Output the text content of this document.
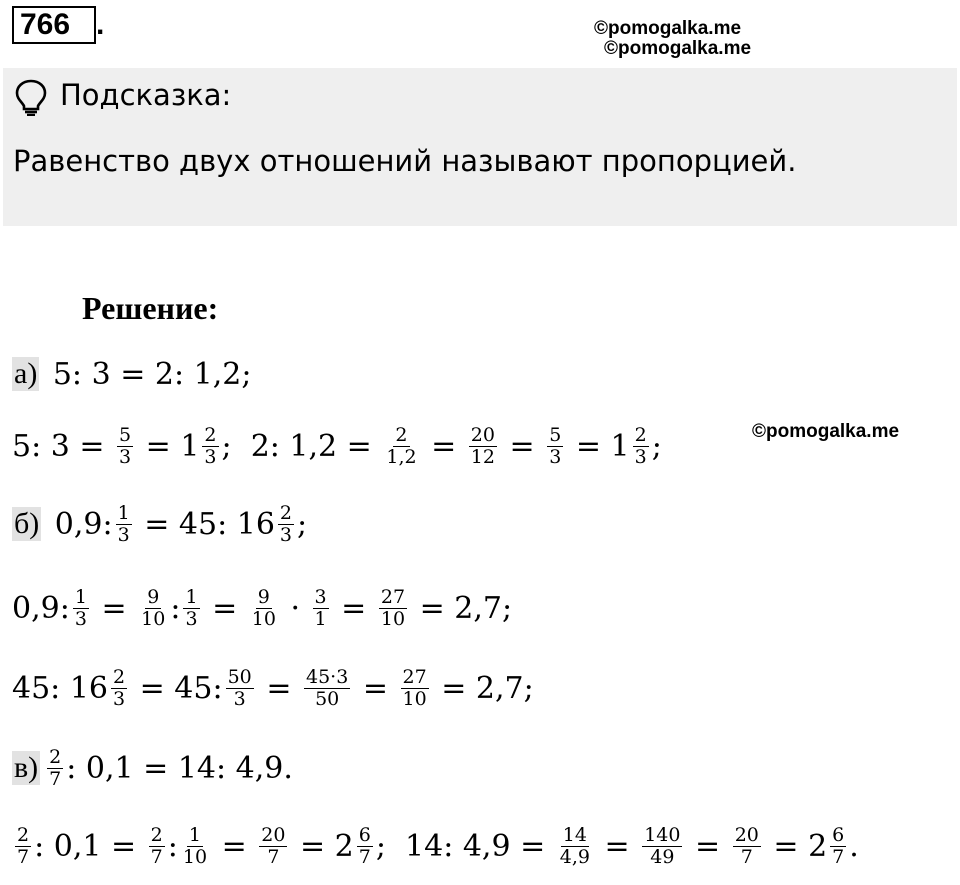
766 .	©pomogalka.me
©pomogalka.me
©pomogalka.me
Подсказка:
Равенство двух отношений называют пропорцией.
Решение:
а) 5: 3 = 2: 1,2;
5: $3 = \frac{5}{3} = 1$ 2
3 ;  2: $1,2 = \frac{2}{1,2} = \frac{20}{12} = \frac{5}{3} = 1$ 2
3 ;
б) 0,9: $\frac{1}{3} = 45$: 16 2
3 ;
0,9: $\frac{1}{3} = \frac{9}{10}$ : $\frac{1}{3} = \frac{9}{10} \cdot \frac{3}{1} = \frac{27}{10} = 2,7$;
45: $16 \frac{2}{3} = 45$: $\frac{50}{3} = \frac{45\cdot 3}{50} = \frac{27}{10} = 2,7$;
в) 2
7 : 0,1 = 14: 4,9.
2
7 : $0,1 = \frac{2}{7}$ : $\frac{1}{10} = \frac{20}{7} = 2$ 6
7 ;  14: $4,9 = \frac{14}{4,9} = \frac{140}{49} = \frac{20}{7} = 2$ 6
7 .
